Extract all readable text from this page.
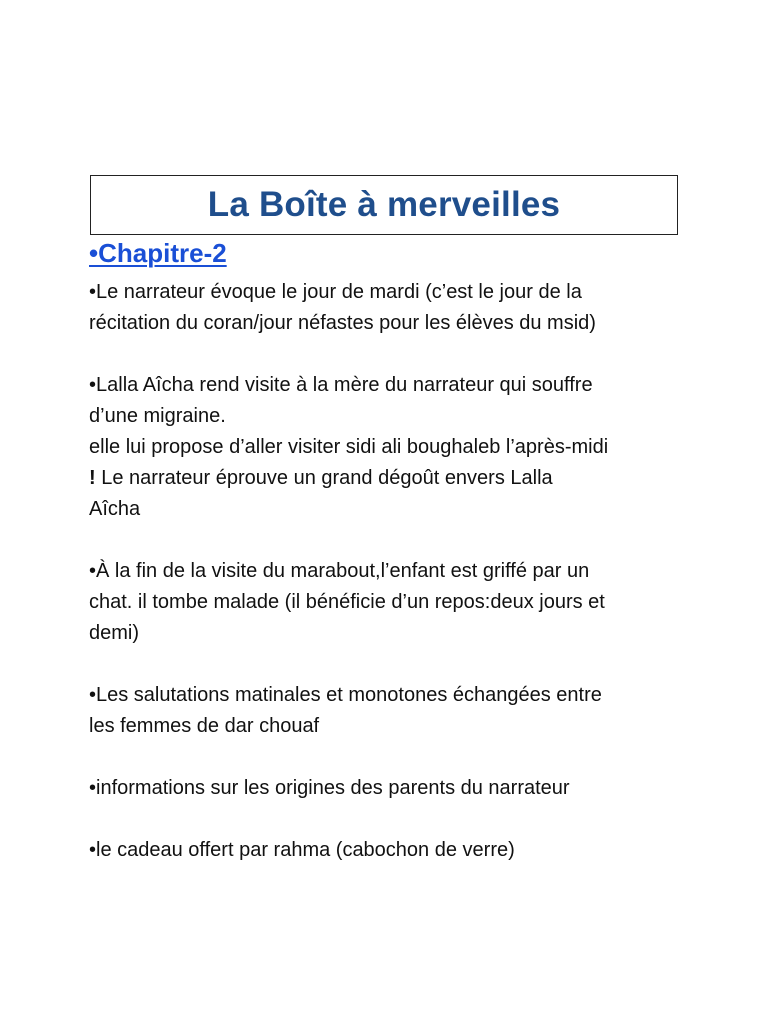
La Boîte à merveilles
•Chapitre-2

•Le narrateur évoque le jour de mardi (c’est le jour de la
récitation du coran/jour néfastes pour les élèves du msid)

•Lalla Aîcha rend visite à la mère du narrateur qui souffre
d’une migraine.
elle lui propose d’aller visiter sidi ali boughaleb l’après-midi
! Le narrateur éprouve un grand dégoût envers Lalla
Aîcha

•À la fin de la visite du marabout,l’enfant est griffé par un
chat. il tombe malade (il bénéficie d’un repos:deux jours et
demi)

•Les salutations matinales et monotones échangées entre
les femmes de dar chouaf

•informations sur les origines des parents du narrateur

•le cadeau offert par rahma (cabochon de verre)
